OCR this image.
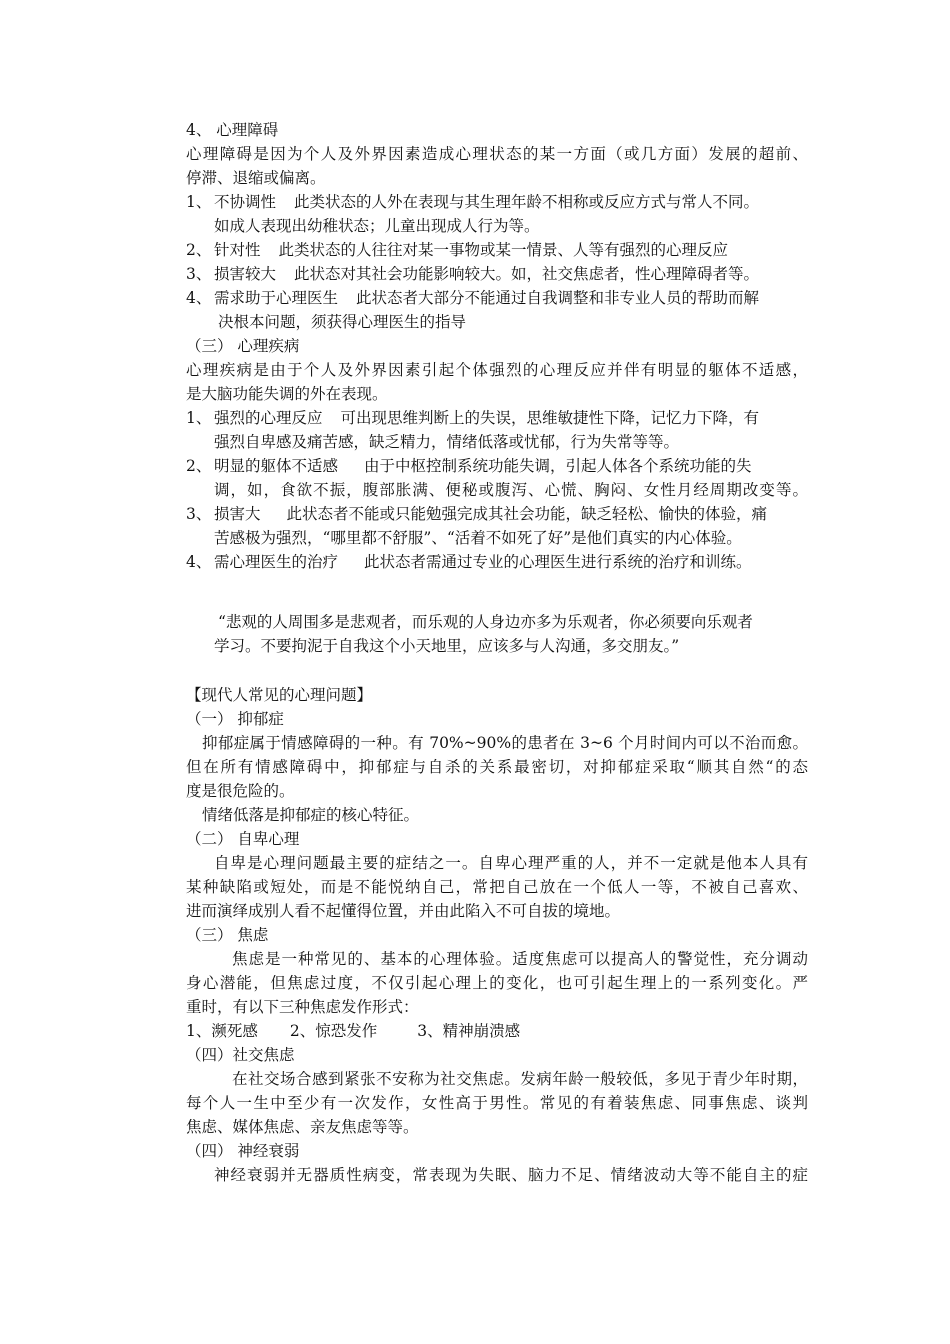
4、 心理障碍
心理障碍是因为个人及外界因素造成心理状态的某一方面（或几方面）发展的超前、
停滞、退缩或偏离。
1、 不协调性 此类状态的人外在表现与其生理年龄不相称或反应方式与常人不同。
如成人表现出幼稚状态；儿童出现成人行为等。
2、 针对性 此类状态的人往往对某一事物或某一情景、人等有强烈的心理反应
3、 损害较大 此状态对其社会功能影响较大。如，社交焦虑者，性心理障碍者等。
4、 需求助于心理医生 此状态者大部分不能通过自我调整和非专业人员的帮助而解
决根本问题，须获得心理医生的指导
（三） 心理疾病
心理疾病是由于个人及外界因素引起个体强烈的心理反应并伴有明显的躯体不适感，
是大脑功能失调的外在表现。
1、 强烈的心理反应 可出现思维判断上的失误，思维敏捷性下降，记忆力下降，有
强烈自卑感及痛苦感，缺乏精力，情绪低落或忧郁，行为失常等等。
2、 明显的躯体不适感 由于中枢控制系统功能失调，引起人体各个系统功能的失
调，如，食欲不振，腹部胀满、便秘或腹泻、心慌、胸闷、女性月经周期改变等。
3、 损害大 此状态者不能或只能勉强完成其社会功能，缺乏轻松、愉快的体验，痛
苦感极为强烈，“哪里都不舒服”、“活着不如死了好”是他们真实的内心体验。
4、 需心理医生的治疗 此状态者需通过专业的心理医生进行系统的治疗和训练。
“悲观的人周围多是悲观者，而乐观的人身边亦多为乐观者，你必须要向乐观者
学习。不要拘泥于自我这个小天地里，应该多与人沟通，多交朋友。”
【现代人常见的心理问题】
（一） 抑郁症
抑郁症属于情感障碍的一种。有 70%~90%的患者在 3~6 个月时间内可以不治而愈。
但在所有情感障碍中，抑郁症与自杀的关系最密切，对抑郁症采取“顺其自然“的态
度是很危险的。
情绪低落是抑郁症的核心特征。
（二） 自卑心理
自卑是心理问题最主要的症结之一。自卑心理严重的人，并不一定就是他本人具有
某种缺陷或短处，而是不能悦纳自己，常把自己放在一个低人一等，不被自己喜欢、
进而演绎成别人看不起懂得位置，并由此陷入不可自拔的境地。
（三） 焦虑
焦虑是一种常见的、基本的心理体验。适度焦虑可以提高人的警觉性，充分调动
身心潜能，但焦虑过度，不仅引起心理上的变化，也可引起生理上的一系列变化。严
重时，有以下三种焦虑发作形式：
1、濒死感 2、惊恐发作	3、精神崩溃感
（四）社交焦虑
在社交场合感到紧张不安称为社交焦虑。发病年龄一般较低，多见于青少年时期，
每个人一生中至少有一次发作，女性高于男性。常见的有着装焦虑、同事焦虑、谈判
焦虑、媒体焦虑、亲友焦虑等等。
（四） 神经衰弱
神经衰弱并无器质性病变，常表现为失眠、脑力不足、情绪波动大等不能自主的症
